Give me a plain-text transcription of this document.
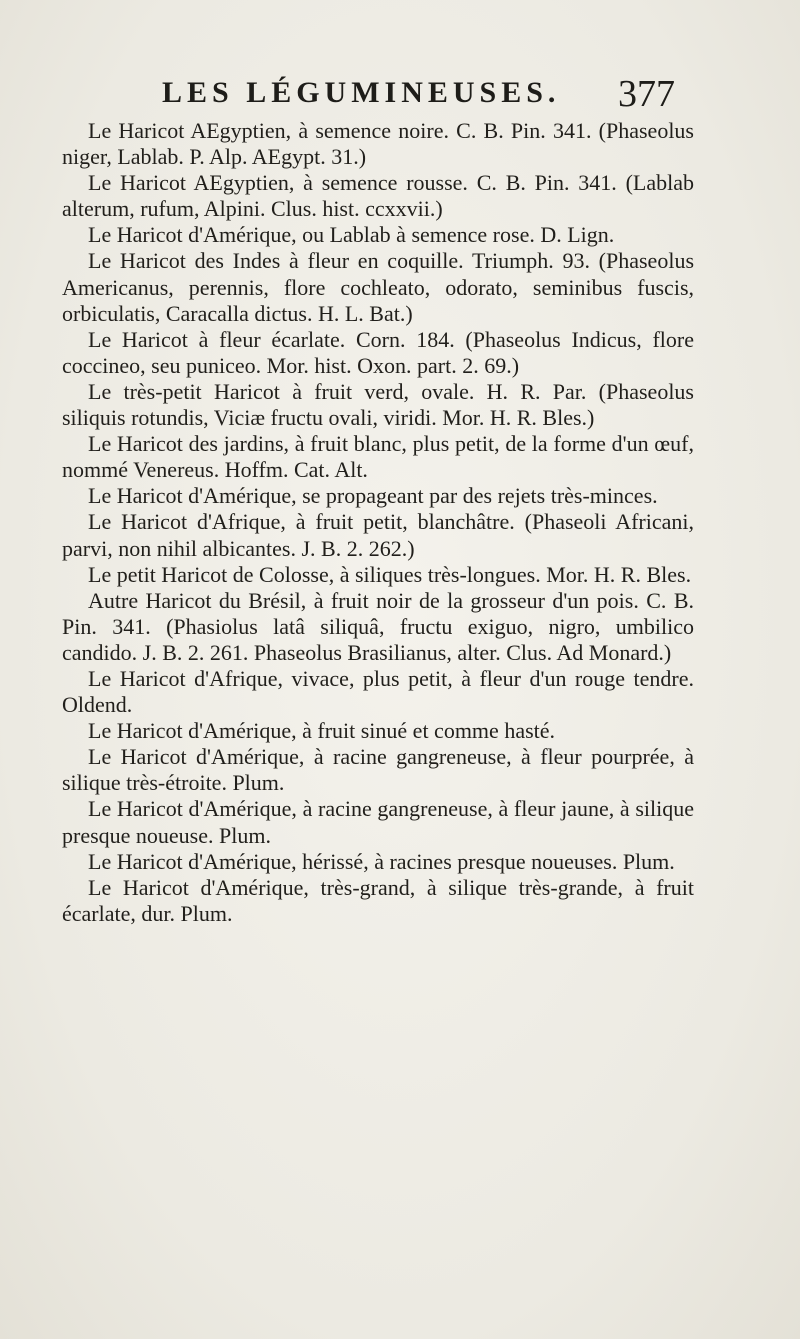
LES LÉGUMINEUSES. 377

Le Haricot AEgyptien, à semence noire. C. B. Pin. 341. (Phaseolus niger, Lablab. P. Alp. AEgypt. 31.)

Le Haricot AEgyptien, à semence rousse. C. B. Pin. 341. (Lablab alterum, rufum, Alpini. Clus. hist. ccxxvii.)

Le Haricot d'Amérique, ou Lablab à semence rose. D. Lign.

Le Haricot des Indes à fleur en coquille. Triumph. 93. (Phaseolus Americanus, perennis, flore cochleato, odorato, seminibus fuscis, orbiculatis, Caracalla dictus. H. L. Bat.)

Le Haricot à fleur écarlate. Corn. 184. (Phaseolus Indicus, flore coccineo, seu puniceo. Mor. hist. Oxon. part. 2. 69.)

Le très-petit Haricot à fruit verd, ovale. H. R. Par. (Phaseolus siliquis rotundis, Viciæ fructu ovali, viridi. Mor. H. R. Bles.)

Le Haricot des jardins, à fruit blanc, plus petit, de la forme d'un œuf, nommé Venereus. Hoffm. Cat. Alt.

Le Haricot d'Amérique, se propageant par des rejets très-minces.

Le Haricot d'Afrique, à fruit petit, blanchâtre. (Phaseoli Africani, parvi, non nihil albicantes. J. B. 2. 262.)

Le petit Haricot de Colosse, à siliques très-longues. Mor. H. R. Bles.

Autre Haricot du Brésil, à fruit noir de la grosseur d'un pois. C. B. Pin. 341. (Phasiolus latâ siliquâ, fructu exiguo, nigro, umbilico candido. J. B. 2. 261. Phaseolus Brasilianus, alter. Clus. Ad Monard.)

Le Haricot d'Afrique, vivace, plus petit, à fleur d'un rouge tendre. Oldend.

Le Haricot d'Amérique, à fruit sinué et comme hasté.

Le Haricot d'Amérique, à racine gangreneuse, à fleur pourprée, à silique très-étroite. Plum.

Le Haricot d'Amérique, à racine gangreneuse, à fleur jaune, à silique presque noueuse. Plum.

Le Haricot d'Amérique, hérissé, à racines presque noueuses. Plum.

Le Haricot d'Amérique, très-grand, à silique très-grande, à fruit écarlate, dur. Plum.
